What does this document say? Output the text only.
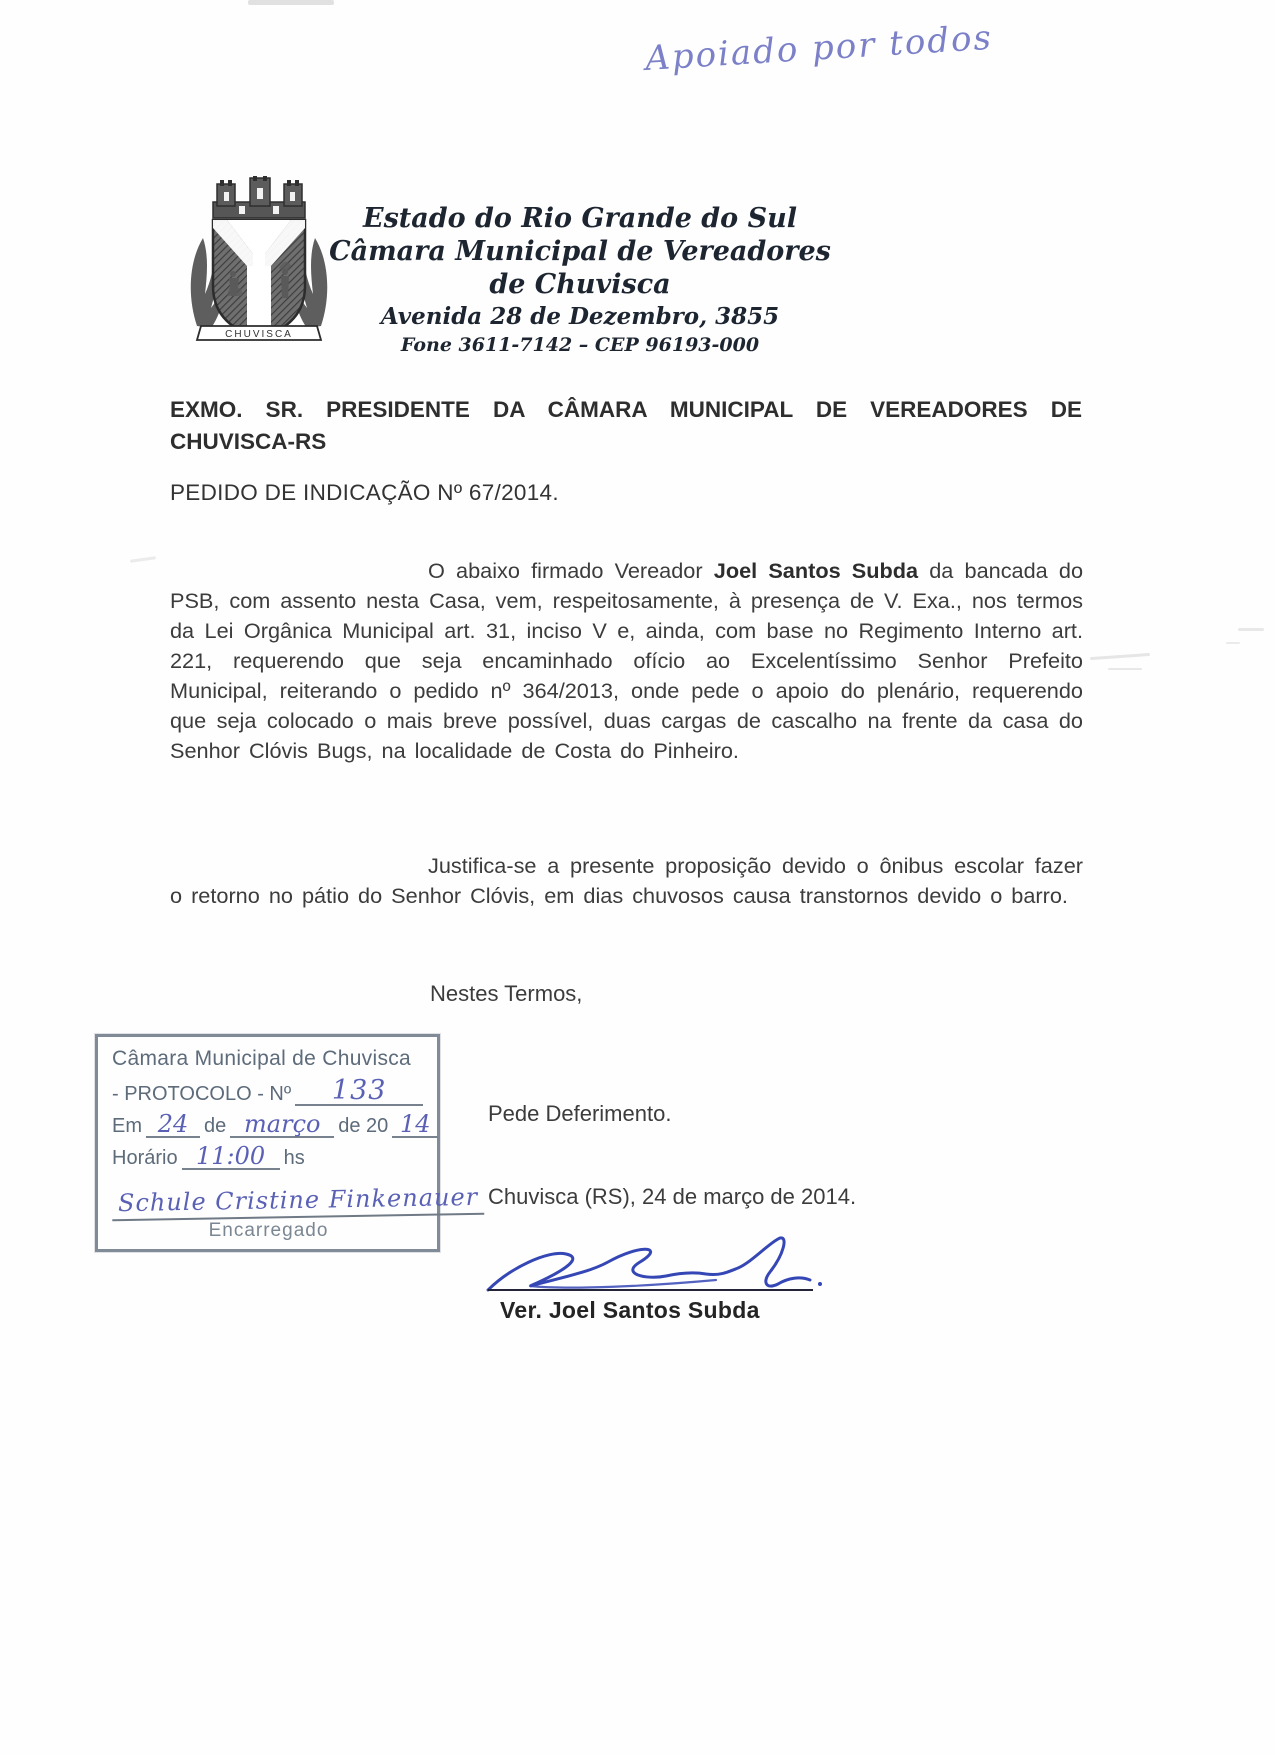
Apoiado por todos
CHUVISCA
Estado do Rio Grande do Sul
Câmara Municipal de Vereadores de Chuvisca
Avenida 28 de Dezembro, 3855
Fone 3611-7142 – CEP 96193-000
EXMO. SR. PRESIDENTE DA CÂMARA MUNICIPAL DE VEREADORES DE
CHUVISCA-RS
PEDIDO DE INDICAÇÃO Nº 67/2014.
O abaixo firmado Vereador Joel Santos Subda da bancada do PSB, com assento nesta Casa, vem, respeitosamente, à presença de V. Exa., nos termos da Lei Orgânica Municipal art. 31, inciso V e, ainda, com base no Regimento Interno art. 221, requerendo que seja encaminhado ofício ao Excelentíssimo Senhor Prefeito Municipal, reiterando o pedido nº 364/2013, onde pede o apoio do plenário, requerendo que seja colocado o mais breve possível, duas cargas de cascalho na frente da casa do Senhor Clóvis Bugs, na localidade de Costa do Pinheiro.
Justifica-se a presente proposição devido o ônibus escolar fazer o retorno no pátio do Senhor Clóvis, em dias chuvosos causa transtornos devido o barro.
Nestes Termos,
Pede Deferimento.
Chuvisca (RS), 24 de março de 2014.
Câmara Municipal de Chuvisca
- PROTOCOLO - Nº	133
Em 24 de março de 20 14
Horário 11:00 hs
Schule Cristine Finkenauer
Encarregado
Ver. Joel Santos Subda
